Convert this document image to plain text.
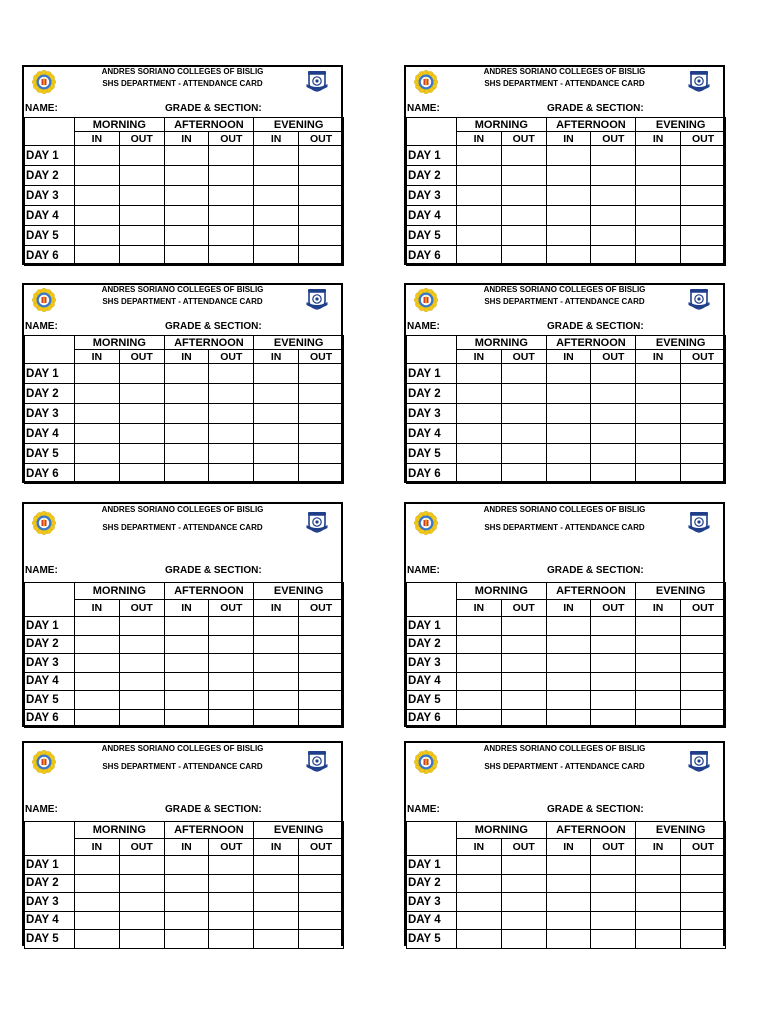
ANDRES SORIANO COLLEGES OF BISLIG
SHS DEPARTMENT - ATTENDANCE CARD
NAME:	GRADE & SECTION:
	MORNING		AFTERNOON		EVENING	
	IN	OUT	IN	OUT	IN	OUT
DAY 1						
DAY 2						
DAY 3						
DAY 4						
DAY 5						
DAY 6						
ANDRES SORIANO COLLEGES OF BISLIG
SHS DEPARTMENT - ATTENDANCE CARD
NAME:	GRADE & SECTION:
	MORNING		AFTERNOON		EVENING	
	IN	OUT	IN	OUT	IN	OUT
DAY 1						
DAY 2						
DAY 3						
DAY 4						
DAY 5						
DAY 6						
ANDRES SORIANO COLLEGES OF BISLIG
SHS DEPARTMENT - ATTENDANCE CARD
NAME:	GRADE & SECTION:
	MORNING		AFTERNOON		EVENING	
	IN	OUT	IN	OUT	IN	OUT
DAY 1						
DAY 2						
DAY 3						
DAY 4						
DAY 5						
DAY 6						
ANDRES SORIANO COLLEGES OF BISLIG
SHS DEPARTMENT - ATTENDANCE CARD
NAME:	GRADE & SECTION:
	MORNING		AFTERNOON		EVENING	
	IN	OUT	IN	OUT	IN	OUT
DAY 1						
DAY 2						
DAY 3						
DAY 4						
DAY 5						
DAY 6						
ANDRES SORIANO COLLEGES OF BISLIG
SHS DEPARTMENT - ATTENDANCE CARD
NAME:	GRADE & SECTION:
	MORNING		AFTERNOON		EVENING	
	IN	OUT	IN	OUT	IN	OUT
DAY 1						
DAY 2						
DAY 3						
DAY 4						
DAY 5						
DAY 6						
ANDRES SORIANO COLLEGES OF BISLIG
SHS DEPARTMENT - ATTENDANCE CARD
NAME:	GRADE & SECTION:
	MORNING		AFTERNOON		EVENING	
	IN	OUT	IN	OUT	IN	OUT
DAY 1						
DAY 2						
DAY 3						
DAY 4						
DAY 5						
DAY 6						
ANDRES SORIANO COLLEGES OF BISLIG
SHS DEPARTMENT - ATTENDANCE CARD
NAME:	GRADE & SECTION:
	MORNING		AFTERNOON		EVENING	
	IN	OUT	IN	OUT	IN	OUT
DAY 1						
DAY 2						
DAY 3						
DAY 4						
DAY 5						
ANDRES SORIANO COLLEGES OF BISLIG
SHS DEPARTMENT - ATTENDANCE CARD
NAME:	GRADE & SECTION:
	MORNING		AFTERNOON		EVENING	
	IN	OUT	IN	OUT	IN	OUT
DAY 1						
DAY 2						
DAY 3						
DAY 4						
DAY 5						
